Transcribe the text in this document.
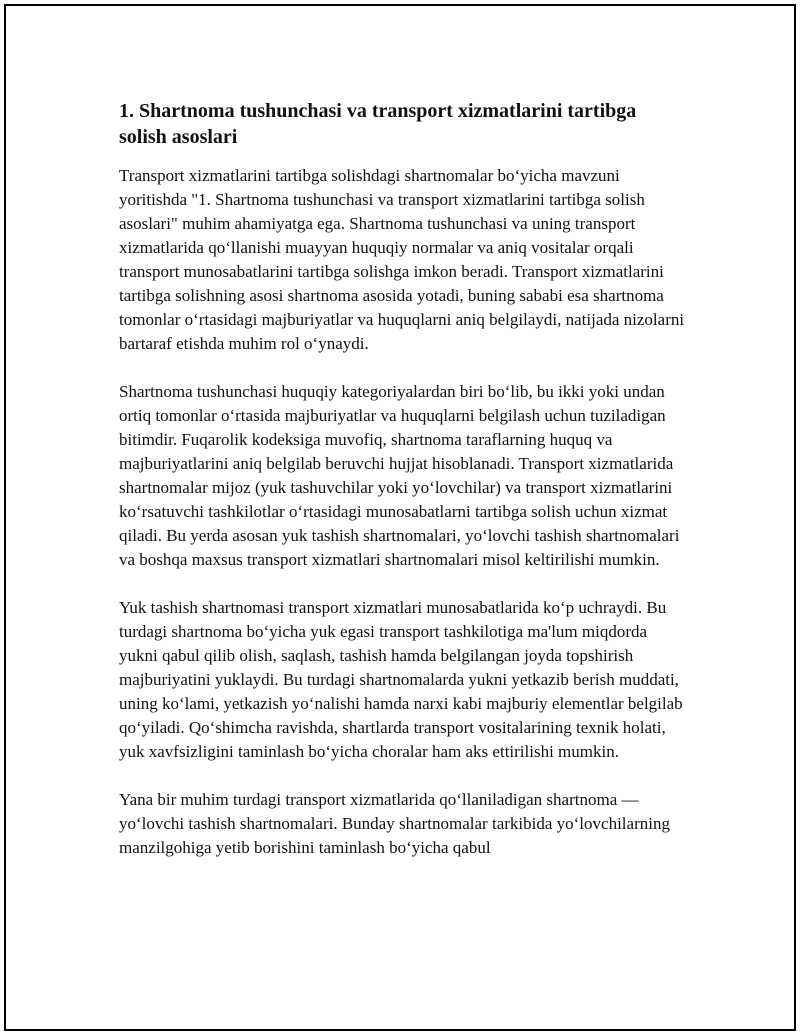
1. Shartnoma tushunchasi va transport xizmatlarini tartibga solish asoslari

Transport xizmatlarini tartibga solishdagi shartnomalar bo‘yicha mavzuni yoritishda "1. Shartnoma tushunchasi va transport xizmatlarini tartibga solish asoslari" muhim ahamiyatga ega. Shartnoma tushunchasi va uning transport xizmatlarida qo‘llanishi muayyan huquqiy normalar va aniq vositalar orqali transport munosabatlarini tartibga solishga imkon beradi. Transport xizmatlarini tartibga solishning asosi shartnoma asosida yotadi, buning sababi esa shartnoma tomonlar o‘rtasidagi majburiyatlar va huquqlarni aniq belgilaydi, natijada nizolarni bartaraf etishda muhim rol o‘ynaydi.

Shartnoma tushunchasi huquqiy kategoriyalardan biri bo‘lib, bu ikki yoki undan ortiq tomonlar o‘rtasida majburiyatlar va huquqlarni belgilash uchun tuziladigan bitimdir. Fuqarolik kodeksiga muvofiq, shartnoma taraflarning huquq va majburiyatlarini aniq belgilab beruvchi hujjat hisoblanadi. Transport xizmatlarida shartnomalar mijoz (yuk tashuvchilar yoki yo‘lovchilar) va transport xizmatlarini ko‘rsatuvchi tashkilotlar o‘rtasidagi munosabatlarni tartibga solish uchun xizmat qiladi. Bu yerda asosan yuk tashish shartnomalari, yo‘lovchi tashish shartnomalari va boshqa maxsus transport xizmatlari shartnomalari misol keltirilishi mumkin.

Yuk tashish shartnomasi transport xizmatlari munosabatlarida ko‘p uchraydi. Bu turdagi shartnoma bo‘yicha yuk egasi transport tashkilotiga ma'lum miqdorda yukni qabul qilib olish, saqlash, tashish hamda belgilangan joyda topshirish majburiyatini yuklaydi. Bu turdagi shartnomalarda yukni yetkazib berish muddati, uning ko‘lami, yetkazish yo‘nalishi hamda narxi kabi majburiy elementlar belgilab qo‘yiladi. Qo‘shimcha ravishda, shartlarda transport vositalarining texnik holati, yuk xavfsizligini taminlash bo‘yicha choralar ham aks ettirilishi mumkin.

Yana bir muhim turdagi transport xizmatlarida qo‘llaniladigan shartnoma — yo‘lovchi tashish shartnomalari. Bunday shartnomalar tarkibida yo‘lovchilarning manzilgohiga yetib borishini taminlash bo‘yicha qabul
